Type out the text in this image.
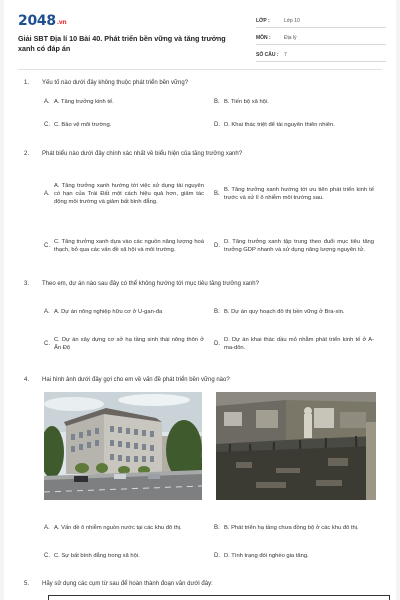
2048.vn
Giải SBT Địa lí 10 Bài 40. Phát triển bền vững và tăng trưởng xanh có đáp án
LỚP :	Lớp 10
MÔN :	Địa lý
SỐ CÂU :	7
1.	Yếu tố nào dưới đây không thuộc phát triển bền vững?
A. A. Tăng trưởng kinh tế.	B. B. Tiến bộ xã hội.
C. C. Bảo vệ môi trường.	D. D. Khai thác triệt để tài nguyên thiên nhiên.
2.	Phát biểu nào dưới đây chính xác nhất về biểu hiện của tăng trưởng xanh?
A.
A. Tăng trưởng xanh hướng tới việc sử dụng tài nguyên có hạn của Trái Đất một cách hiệu quả hơn, giảm tác động môi trường và giảm bất bình đẳng.
B.
B. Tăng trưởng xanh hướng tới ưu tiên phát triển kinh tế trước và xử lí ô nhiễm môi trường sau.
C.
C. Tăng trưởng xanh dựa vào các nguồn năng lượng hoá thạch, bỏ qua các vấn đề xã hội và môi trường.
D.
D. Tăng trưởng xanh tập trung theo đuổi mục tiêu tăng trưởng GDP nhanh và sử dụng năng lượng nguyên tử.
3.	Theo em, dự án nào sau đây có thể không hướng tới mục tiêu tăng trưởng xanh?
A. A. Dự án nông nghiệp hữu cơ ở U-gan-đa	B. B. Dự án quy hoạch đô thị bền vững ở Bra-xin.
C.
C. Dự án xây dựng cơ sở hạ tầng sinh thái nông thôn ở Ấn Độ
D.
D. Dự án khai thác dầu mỏ nhằm phát triển kinh tế ở A-ma-dôn.
4.	Hai hình ảnh dưới đây gợi cho em về vấn đề phát triển bền vững nào?
A. A. Vấn đề ô nhiễm nguồn nước tại các khu đô thị.	B. B. Phát triển hạ tầng chưa đồng bộ ở các khu đô thị.
C. C. Sự bất bình đẳng trong xã hội.	D. D. Tình trạng đói nghèo gia tăng.
5.	Hãy sử dụng các cụm từ sau để hoàn thành đoạn văn dưới đây:
